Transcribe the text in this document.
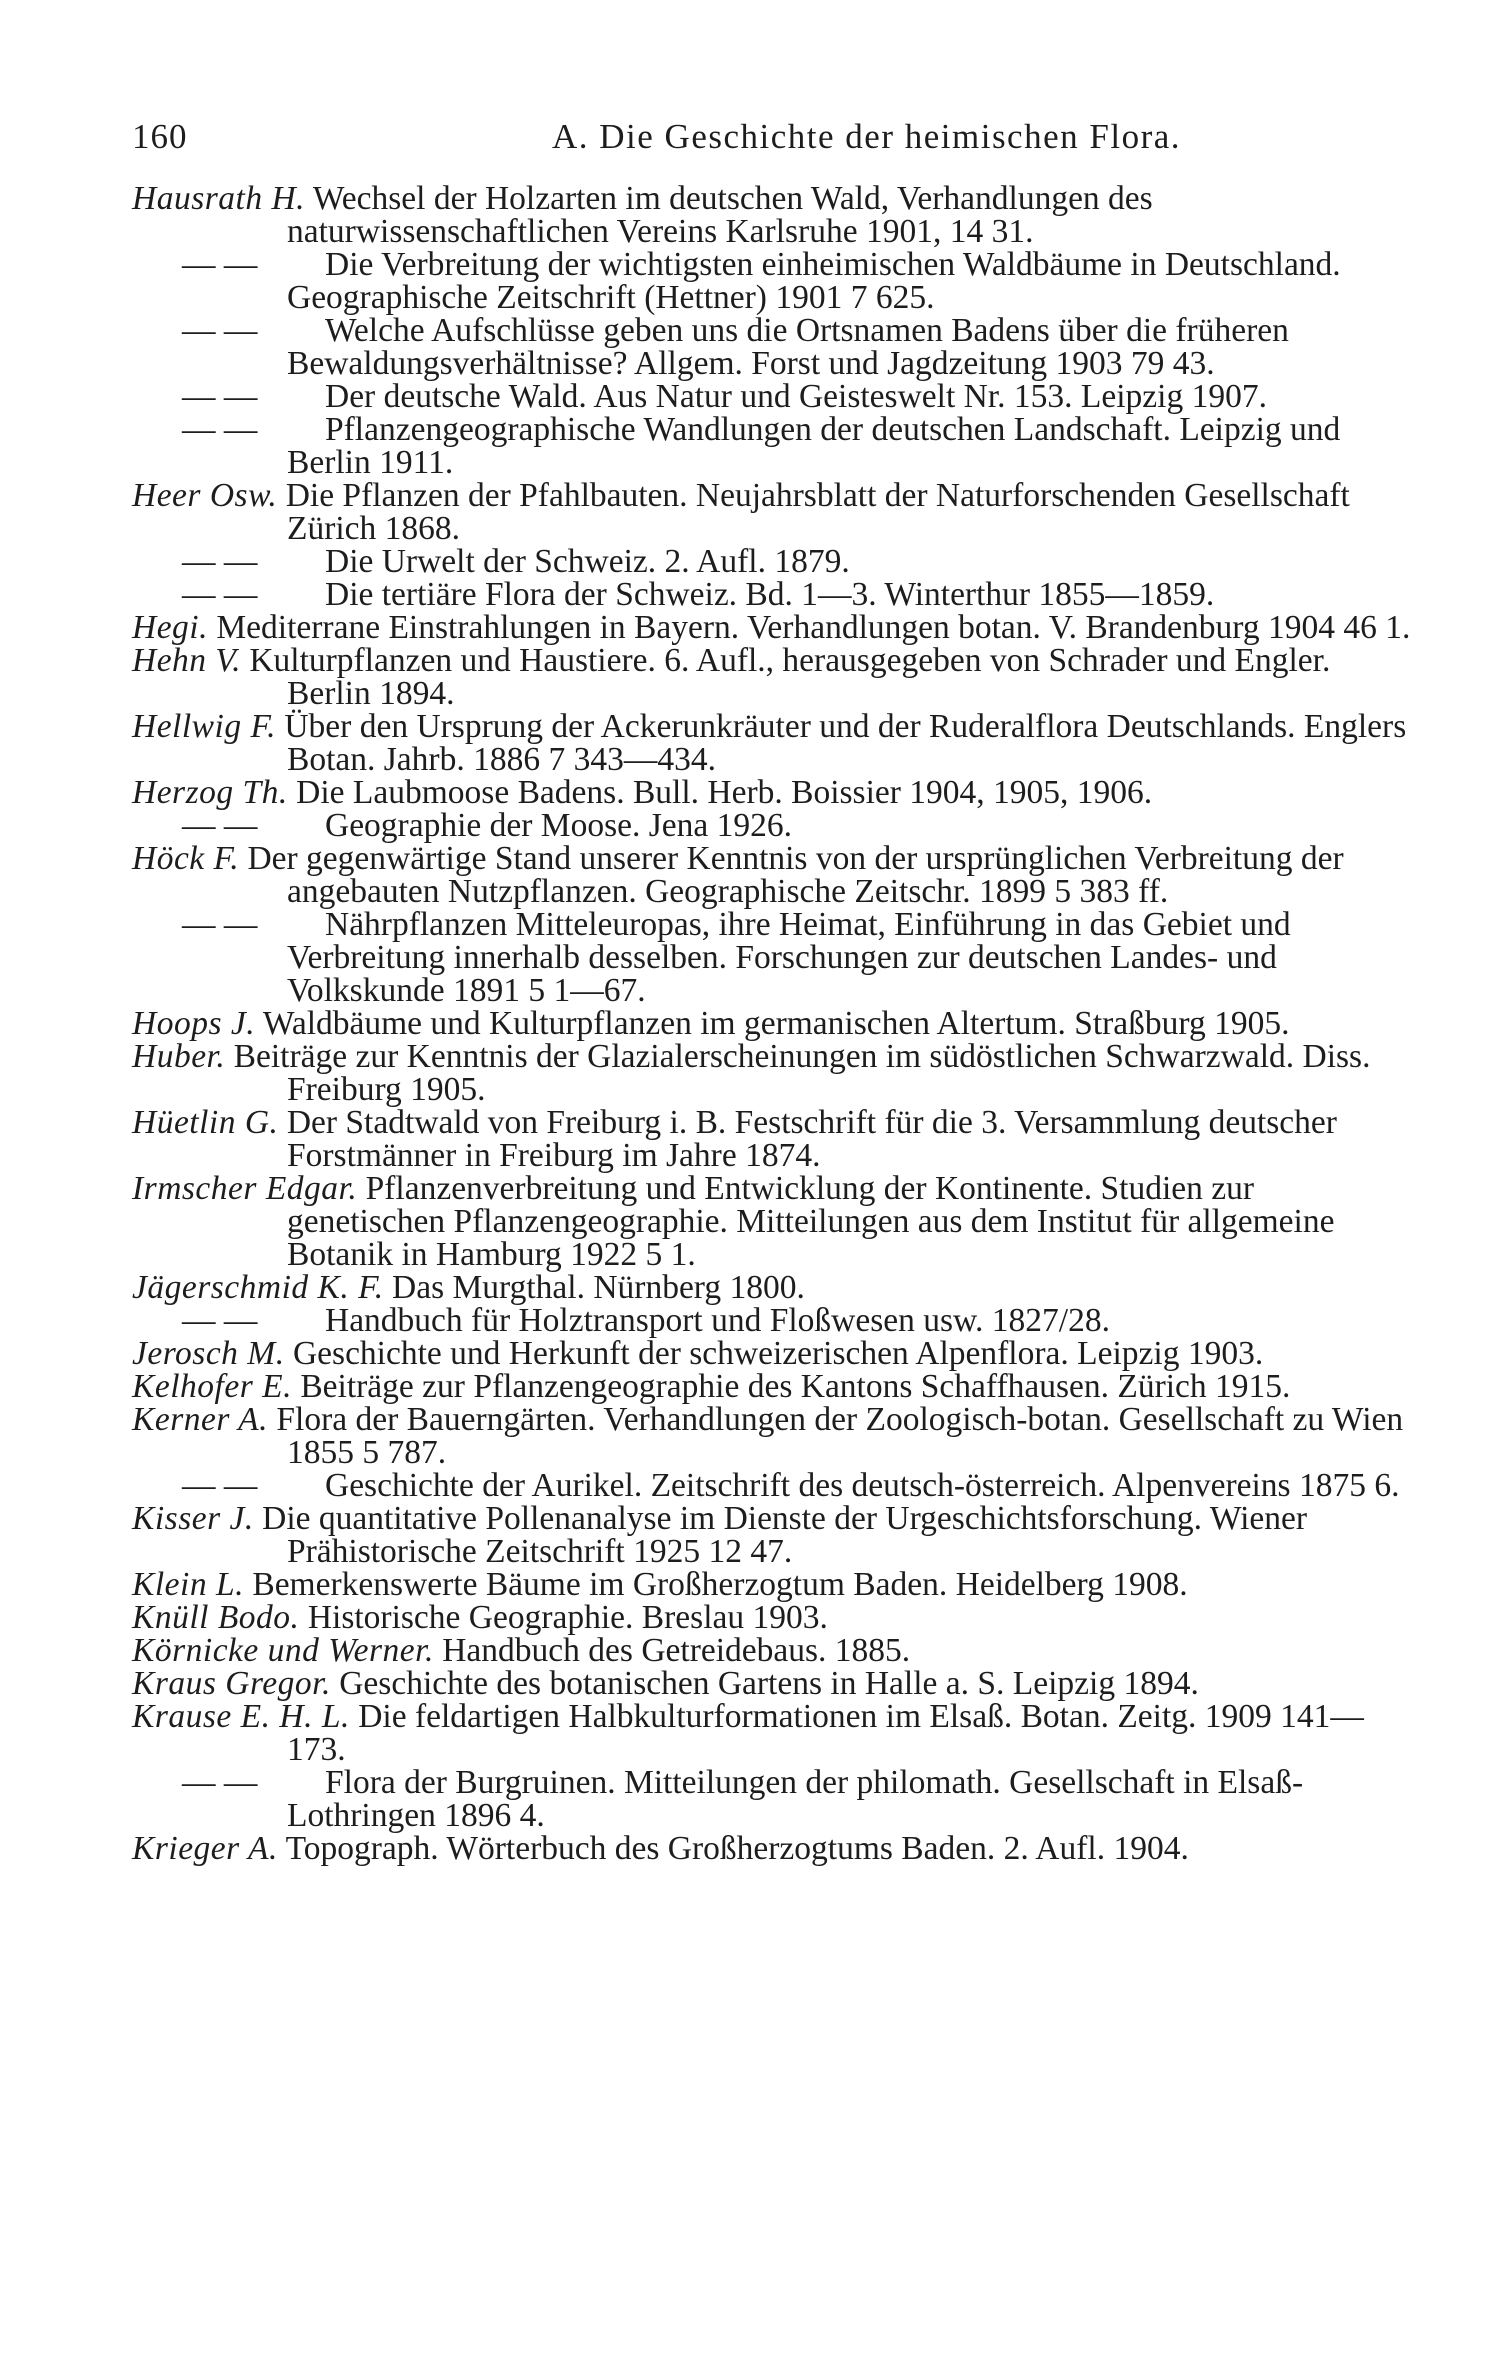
160	A. Die Geschichte der heimischen Flora.

Hausrath H. Wechsel der Holzarten im deutschen Wald, Verhandlungen des naturwissenschaftlichen Vereins Karlsruhe 1901, 14 31.

— — Die Verbreitung der wichtigsten einheimischen Waldbäume in Deutschland. Geographische Zeitschrift (Hettner) 1901 7 625.

— — Welche Aufschlüsse geben uns die Ortsnamen Badens über die früheren Bewaldungsverhältnisse? Allgem. Forst und Jagdzeitung 1903 79 43.

— — Der deutsche Wald. Aus Natur und Geisteswelt Nr. 153. Leipzig 1907.

— — Pflanzengeographische Wandlungen der deutschen Landschaft. Leipzig und Berlin 1911.

Heer Osw. Die Pflanzen der Pfahlbauten. Neujahrsblatt der Naturforschenden Gesellschaft Zürich 1868.

— — Die Urwelt der Schweiz. 2. Aufl. 1879.

— — Die tertiäre Flora der Schweiz. Bd. 1—3. Winterthur 1855—1859.

Hegi. Mediterrane Einstrahlungen in Bayern. Verhandlungen botan. V. Brandenburg 1904 46 1.

Hehn V. Kulturpflanzen und Haustiere. 6. Aufl., herausgegeben von Schrader und Engler. Berlin 1894.

Hellwig F. Über den Ursprung der Ackerunkräuter und der Ruderalflora Deutschlands. Englers Botan. Jahrb. 1886 7 343—434.

Herzog Th. Die Laubmoose Badens. Bull. Herb. Boissier 1904, 1905, 1906.

— — Geographie der Moose. Jena 1926.

Höck F. Der gegenwärtige Stand unserer Kenntnis von der ursprünglichen Verbreitung der angebauten Nutzpflanzen. Geographische Zeitschr. 1899 5 383 ff.

— — Nährpflanzen Mitteleuropas, ihre Heimat, Einführung in das Gebiet und Verbreitung innerhalb desselben. Forschungen zur deutschen Landes- und Volkskunde 1891 5 1—67.

Hoops J. Waldbäume und Kulturpflanzen im germanischen Altertum. Straßburg 1905.

Huber. Beiträge zur Kenntnis der Glazialerscheinungen im südöstlichen Schwarzwald. Diss. Freiburg 1905.

Hüetlin G. Der Stadtwald von Freiburg i. B. Festschrift für die 3. Versammlung deutscher Forstmänner in Freiburg im Jahre 1874.

Irmscher Edgar. Pflanzenverbreitung und Entwicklung der Kontinente. Studien zur genetischen Pflanzengeographie. Mitteilungen aus dem Institut für allgemeine Botanik in Hamburg 1922 5 1.

Jägerschmid K. F. Das Murgthal. Nürnberg 1800.

— — Handbuch für Holztransport und Floßwesen usw. 1827/28.

Jerosch M. Geschichte und Herkunft der schweizerischen Alpenflora. Leipzig 1903.

Kelhofer E. Beiträge zur Pflanzengeographie des Kantons Schaffhausen. Zürich 1915.

Kerner A. Flora der Bauerngärten. Verhandlungen der Zoologisch-botan. Gesellschaft zu Wien 1855 5 787.

— — Geschichte der Aurikel. Zeitschrift des deutsch-österreich. Alpenvereins 1875 6.

Kisser J. Die quantitative Pollenanalyse im Dienste der Urgeschichtsforschung. Wiener Prähistorische Zeitschrift 1925 12 47.

Klein L. Bemerkenswerte Bäume im Großherzogtum Baden. Heidelberg 1908.

Knüll Bodo. Historische Geographie. Breslau 1903.

Körnicke und Werner. Handbuch des Getreidebaus. 1885.

Kraus Gregor. Geschichte des botanischen Gartens in Halle a. S. Leipzig 1894.

Krause E. H. L. Die feldartigen Halbkulturformationen im Elsaß. Botan. Zeitg. 1909 141—173.

— — Flora der Burgruinen. Mitteilungen der philomath. Gesellschaft in Elsaß-Lothringen 1896 4.

Krieger A. Topograph. Wörterbuch des Großherzogtums Baden. 2. Aufl. 1904.
